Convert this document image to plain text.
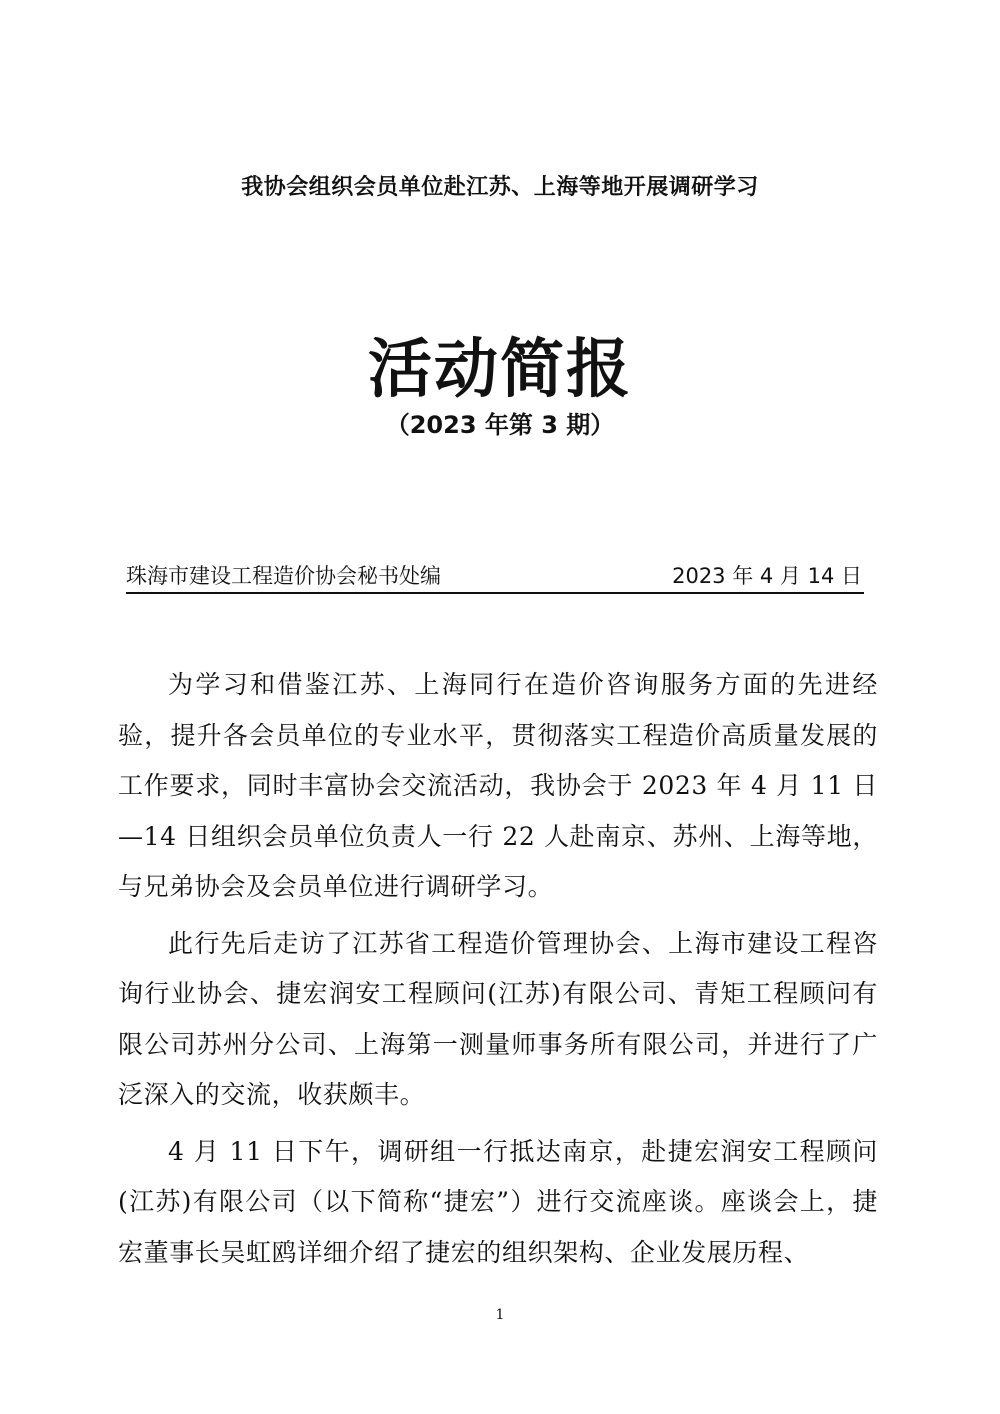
我协会组织会员单位赴江苏、上海等地开展调研学习
活动简报
（2023 年第 3 期）
珠海市建设工程造价协会秘书处编	2023 年 4 月 14 日

为学习和借鉴江苏、上海同行在造价咨询服务方面的先进经验，提升各会员单位的专业水平，贯彻落实工程造价高质量发展的工作要求，同时丰富协会交流活动，我协会于 2023 年 4 月 11 日—14 日组织会员单位负责人一行 22 人赴南京、苏州、上海等地，与兄弟协会及会员单位进行调研学习。

此行先后走访了江苏省工程造价管理协会、上海市建设工程咨询行业协会、捷宏润安工程顾问(江苏)有限公司、青矩工程顾问有限公司苏州分公司、上海第一测量师事务所有限公司，并进行了广泛深入的交流，收获颇丰。

4 月 11 日下午，调研组一行抵达南京，赴捷宏润安工程顾问(江苏)有限公司（以下简称“捷宏”）进行交流座谈。座谈会上，捷宏董事长吴虹鸥详细介绍了捷宏的组织架构、企业发展历程、

1
